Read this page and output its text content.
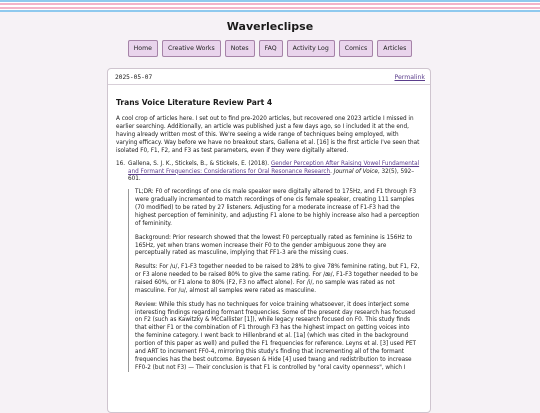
Waverleclipse
Home	Creative Works	Notes	FAQ	Activity Log	Comics	Articles
2025-05-07	Permalink
Trans Voice Literature Review Part 4

A cool crop of articles here. I set out to find pre-2020 articles, but recovered one 2023 article I missed in earlier searching. Additionally, an article was published just a few days ago, so I included it at the end, having already written most of this. We're seeing a wide range of techniques being employed, with varying efficacy. Way before we have no breakout stars, Gallena et al. [16] is the first article I've seen that isolated F0, F1, F2, and F3 as test parameters, even if they were digitally altered.

16. Gallena, S. J. K., Stickels, B., & Stickels, E. (2018). Gender Perception After Raising Vowel Fundamental and Formant Frequencies: Considerations for Oral Resonance Research. Journal of Voice, 32(5), 592–601.

TL;DR: F0 of recordings of one cis male speaker were digitally altered to 175Hz, and F1 through F3 were gradually incremented to match recordings of one cis female speaker, creating 111 samples (70 modified) to be rated by 27 listeners. Adjusting for a moderate increase of F1-F3 had the highest perception of femininity, and adjusting F1 alone to be highly increase also had a perception of femininity.

Background: Prior research showed that the lowest F0 perceptually rated as feminine is 156Hz to 165Hz, yet when trans women increase their F0 to the gender ambiguous zone they are perceptually rated as masculine, implying that FF1-3 are the missing cues.

Results: For /u/, F1-F3 together needed to be raised to 28% to give 78% feminine rating, but F1, F2, or F3 alone needed to be raised 80% to give the same rating. For /æ/, F1-F3 together needed to be raised 60%, or F1 alone to 80% (F2, F3 no affect alone). For /i/, no sample was rated as not masculine. For /u/, almost all samples were rated as masculine.

Review: While this study has no techniques for voice training whatsoever, it does interject some interesting findings regarding formant frequencies. Some of the present day research has focused on F2 (such as Kawitzky & McCallister [1]), while legacy research focused on F0. This study finds that either F1 or the combination of F1 through F3 has the highest impact on getting voices into the feminine category. I went back to Hillenbrand et al. [1a] (which was cited in the background portion of this paper as well) and pulled the F1 frequencies for reference. Leyns et al. [3] used PET and ART to increment FF0-4, mirroring this study's finding that incrementing all of the formant frequencies has the best outcome. Bøyesen & Hide [4] used twang and redistribution to increase FF0-2 (but not F3) — Their conclusion is that F1 is controlled by "oral cavity openness", which I
